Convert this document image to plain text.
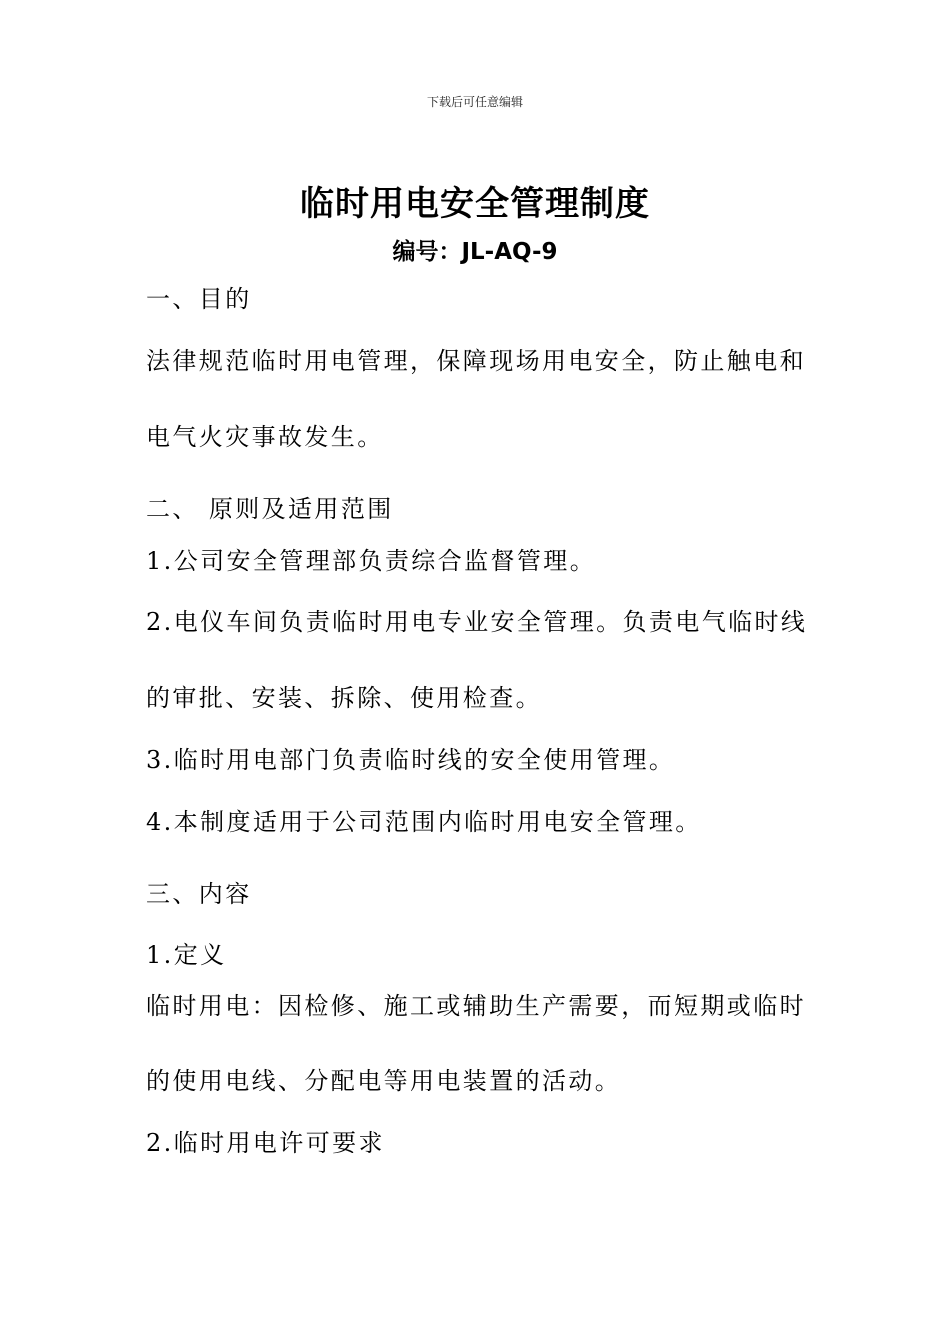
下载后可任意编辑
临时用电安全管理制度
编号：JL-AQ-9
一、目的
法律规范临时用电管理，保障现场用电安全，防止触电和
电气火灾事故发生。
二、 原则及适用范围
1.公司安全管理部负责综合监督管理。
2.电仪车间负责临时用电专业安全管理。负责电气临时线
的审批、安装、拆除、使用检查。
3.临时用电部门负责临时线的安全使用管理。
4.本制度适用于公司范围内临时用电安全管理。
三、内容
1.定义
临时用电：因检修、施工或辅助生产需要，而短期或临时
的使用电线、分配电等用电装置的活动。
2.临时用电许可要求
